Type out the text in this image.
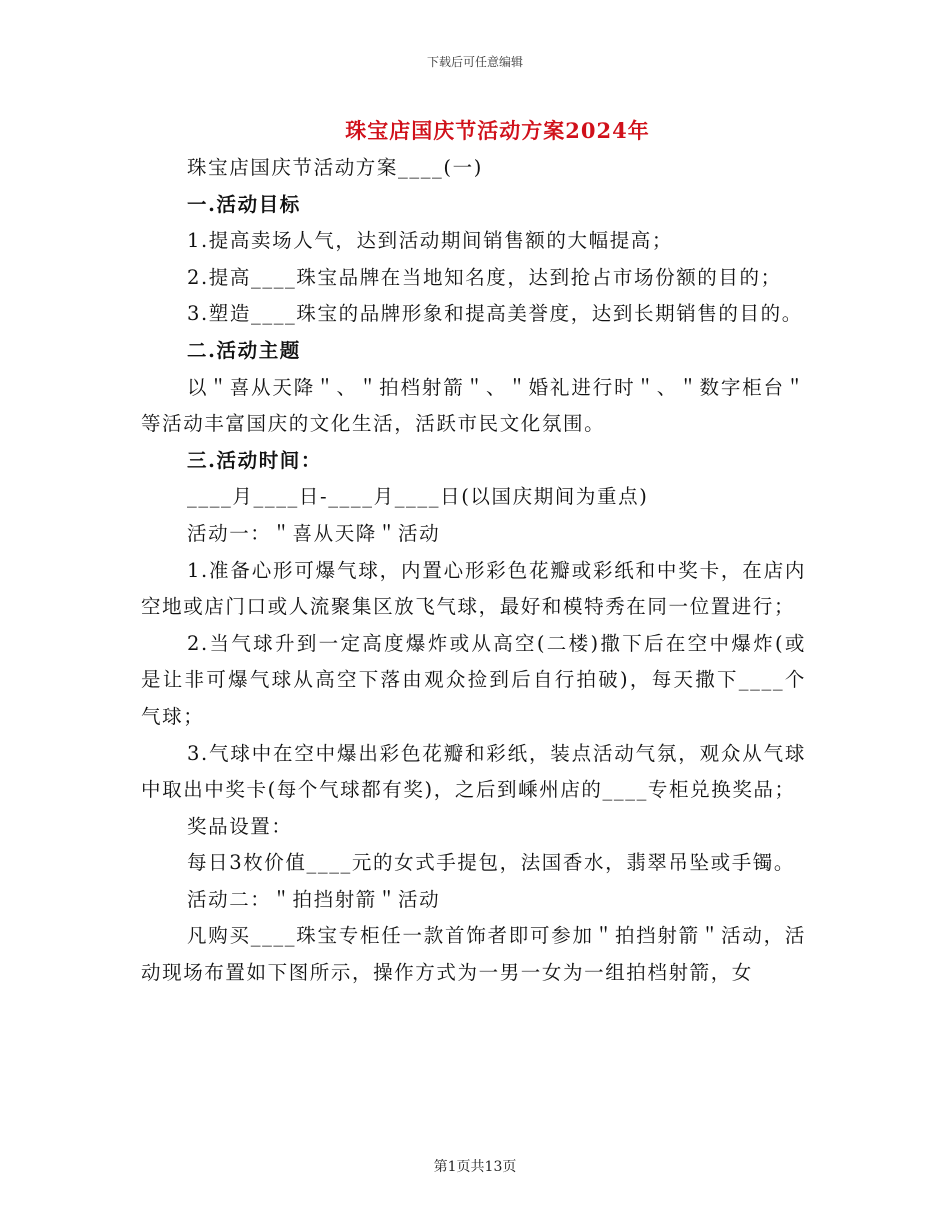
下载后可任意编辑
珠宝店国庆节活动方案2024年

珠宝店国庆节活动方案____(一)

一.活动目标

1.提高卖场人气，达到活动期间销售额的大幅提高；

2.提高____珠宝品牌在当地知名度，达到抢占市场份额的目的；

3.塑造____珠宝的品牌形象和提高美誉度，达到长期销售的目的。

二.活动主题

以＂喜从天降＂、＂拍档射箭＂、＂婚礼进行时＂、＂数字柜台＂等活动丰富国庆的文化生活，活跃市民文化氛围。

三.活动时间：

____月____日-____月____日(以国庆期间为重点)

活动一：＂喜从天降＂活动

1.准备心形可爆气球，内置心形彩色花瓣或彩纸和中奖卡，在店内空地或店门口或人流聚集区放飞气球，最好和模特秀在同一位置进行；

2.当气球升到一定高度爆炸或从高空(二楼)撒下后在空中爆炸(或是让非可爆气球从高空下落由观众捡到后自行拍破)，每天撒下____个气球；

3.气球中在空中爆出彩色花瓣和彩纸，装点活动气氛，观众从气球中取出中奖卡(每个气球都有奖)，之后到嵊州店的____专柜兑换奖品；

奖品设置：

每日3枚价值____元的女式手提包，法国香水，翡翠吊坠或手镯。

活动二：＂拍挡射箭＂活动

凡购买____珠宝专柜任一款首饰者即可参加＂拍挡射箭＂活动，活动现场布置如下图所示，操作方式为一男一女为一组拍档射箭，女

第1页共13页
